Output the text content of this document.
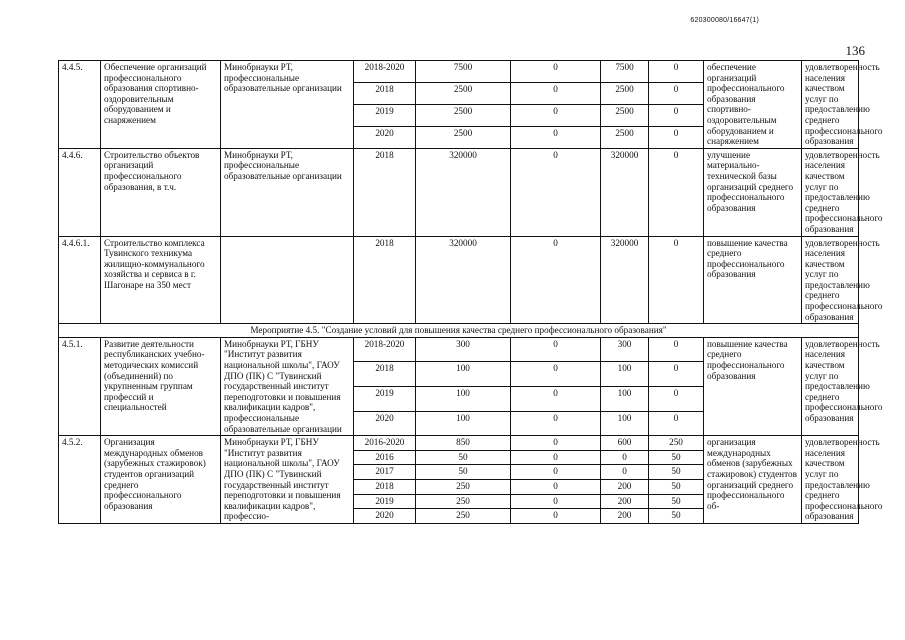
620300080/16647(1)
136
4.4.5.	Обеспечение организаций профессионального образования спортивно-оздоровительным оборудованием и снаряжением	Минобрнауки РТ, профессиональные образовательные организации	2018-2020	7500	0	7500	0	обеспечение организаций профессионального образования спортивно-оздоровительным оборудованием и снаряжением	удовлетворенность населения качеством услуг по предоставлению среднего профессионального образования
			2018	2500	0	2500	0		
			2019	2500	0	2500	0		
			2020	2500	0	2500	0		
4.4.6.	Строительство объектов организаций профессионального образования, в т.ч.	Минобрнауки РТ, профессиональные образовательные организации	2018	320000	0	320000	0	улучшение материально-технической базы организаций среднего профессионального образования	удовлетворенность населения качеством услуг по предоставлению среднего профессионального образования
4.4.6.1.	Строительство комплекса Тувинского техникума жилищно-коммунального хозяйства и сервиса в г. Шагонаре на 350 мест		2018	320000	0	320000	0	повышение качества среднего профессионального образования	удовлетворенность населения качеством услуг по предоставлению среднего профессионального образования
Мероприятие 4.5. "Создание условий для повышения качества среднего профессионального образования"									
4.5.1.	Развитие деятельности республиканских учебно-методических комиссий (объединений) по укрупненным группам профессий и специальностей	Минобрнауки РТ, ГБНУ "Институт развития национальной школы", ГАОУ ДПО (ПК) С "Тувинский государственный институт переподготовки и повышения квалификации кадров", профессиональные образовательные организации	2018-2020	300	0	300	0	повышение качества среднего профессионального образования	удовлетворенность населения качеством услуг по предоставлению среднего профессионального образования
			2018	100	0	100	0		
			2019	100	0	100	0		
			2020	100	0	100	0		
4.5.2.	Организация международных обменов (зарубежных стажировок) студентов организаций среднего профессионального образования	Минобрнауки РТ, ГБНУ "Институт развития национальной школы", ГАОУ ДПО (ПК) С "Тувинский государственный институт переподготовки и повышения квалификации кадров", профессио-	2016-2020	850	0	600	250	организация международных обменов (зарубежных стажировок) студентов организаций среднего профессионального об-	удовлетворенность населения качеством услуг по предоставлению среднего профессионального образования
			2016	50	0	0	50		
			2017	50	0	0	50		
			2018	250	0	200	50		
			2019	250	0	200	50		
			2020	250	0	200	50		
